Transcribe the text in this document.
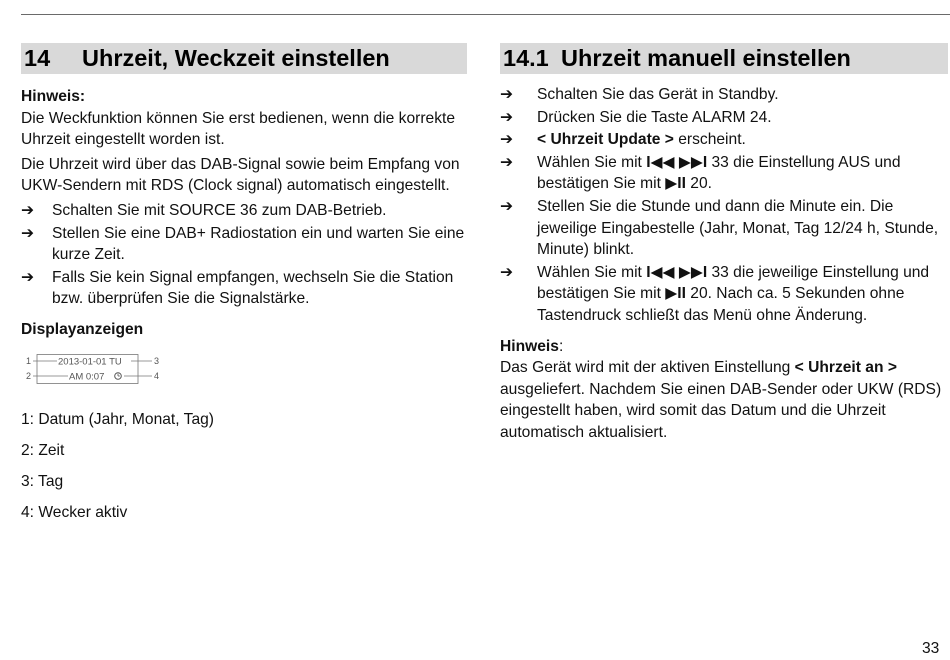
14 Uhrzeit, Weckzeit einstellen
Hinweis:

Die Weckfunktion können Sie erst bedienen, wenn die korrekte Uhrzeit eingestellt worden ist.

Die Uhrzeit wird über das DAB-Signal sowie beim Empfang von UKW-Sendern mit RDS (Clock signal) automatisch eingestellt.

➔ Schalten Sie mit SOURCE 36 zum DAB-Betrieb.
➔ Stellen Sie eine DAB+ Radiostation ein und warten Sie eine kurze Zeit.
➔ Falls Sie kein Signal empfangen, wechseln Sie die Station bzw. überprüfen Sie die Signalstärke.
Displayanzeigen
1
2
3
4
2013-01-01 TU
AM 0:07
1: Datum (Jahr, Monat, Tag)
2: Zeit
3: Tag
4: Wecker aktiv
14.1 Uhrzeit manuell einstellen
➔ Schalten Sie das Gerät in Standby.
➔ Drücken Sie die Taste ALARM 24.
➔ < Uhrzeit Update > erscheint.
➔ Wählen Sie mit I◀◀ ▶▶I 33 die Einstellung AUS und bestätigen Sie mit ▶II 20.
➔ Stellen Sie die Stunde und dann die Minute ein. Die jeweilige Eingabestelle (Jahr, Monat, Tag 12/24 h, Stunde, Minute) blinkt.
➔ Wählen Sie mit I◀◀ ▶▶I 33 die jeweilige Einstellung und bestätigen Sie mit ▶II 20. Nach ca. 5 Sekunden ohne Tastendruck schließt das Menü ohne Änderung.
Hinweis:
Das Gerät wird mit der aktiven Einstellung < Uhrzeit an > ausgeliefert. Nachdem Sie einen DAB-Sender oder UKW (RDS) eingestellt haben, wird somit das Datum und die Uhrzeit automatisch aktualisiert.
33
